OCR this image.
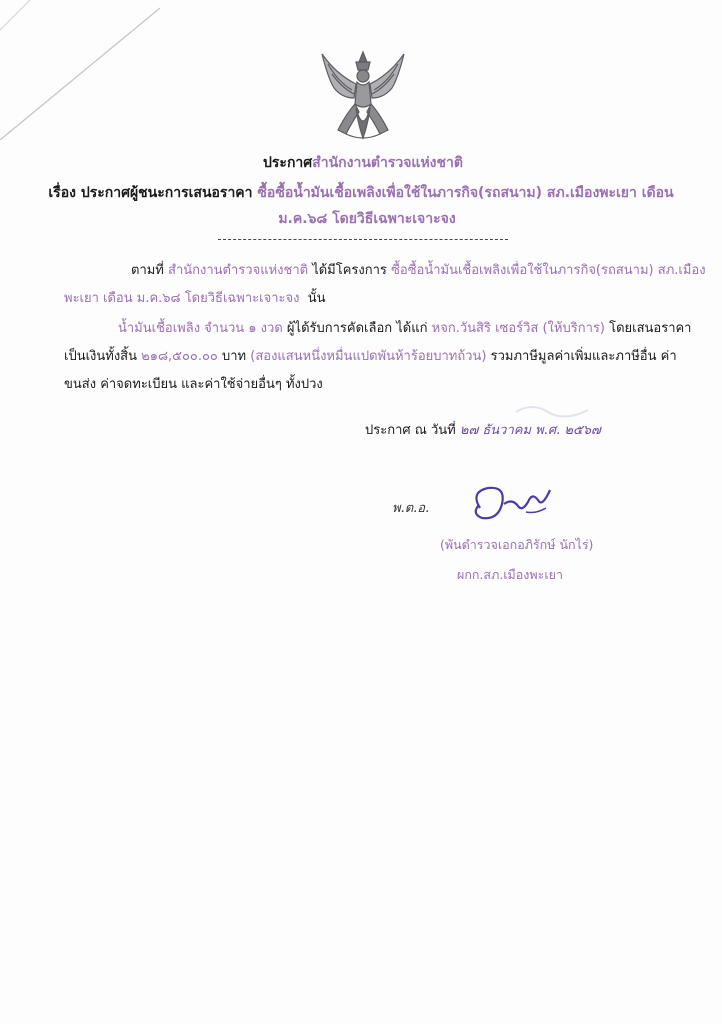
ประกาศสำนักงานตำรวจแห่งชาติ
เรื่อง ประกาศผู้ชนะการเสนอราคา ซื้อซื้อน้ำมันเชื้อเพลิงเพื่อใช้ในภารกิจ(รถสนาม) สภ.เมืองพะเยา เดือน
ม.ค.๖๘ โดยวิธีเฉพาะเจาะจง
ตามที่ สำนักงานตำรวจแห่งชาติ ได้มีโครงการ ซื้อซื้อน้ำมันเชื้อเพลิงเพื่อใช้ในภารกิจ(รถสนาม) สภ.เมือง
พะเยา เดือน ม.ค.๖๘ โดยวิธีเฉพาะเจาะจง นั้น
น้ำมันเชื้อเพลิง จำนวน ๑ งวด ผู้ได้รับการคัดเลือก ได้แก่ หจก.วันสิริ เซอร์วิส (ให้บริการ) โดยเสนอราคา
เป็นเงินทั้งสิ้น ๒๑๘,๕๐๐.๐๐ บาท (สองแสนหนึ่งหมื่นแปดพันห้าร้อยบาทถ้วน) รวมภาษีมูลค่าเพิ่มและภาษีอื่น ค่า
ขนส่ง ค่าจดทะเบียน และค่าใช้จ่ายอื่นๆ ทั้งปวง
ประกาศ ณ วันที่ ๒๗ ธันวาคม พ.ศ. ๒๕๖๗
พ.ต.อ.
(พันตำรวจเอกอภิรักษ์ นักไร่)
ผกก.สภ.เมืองพะเยา
